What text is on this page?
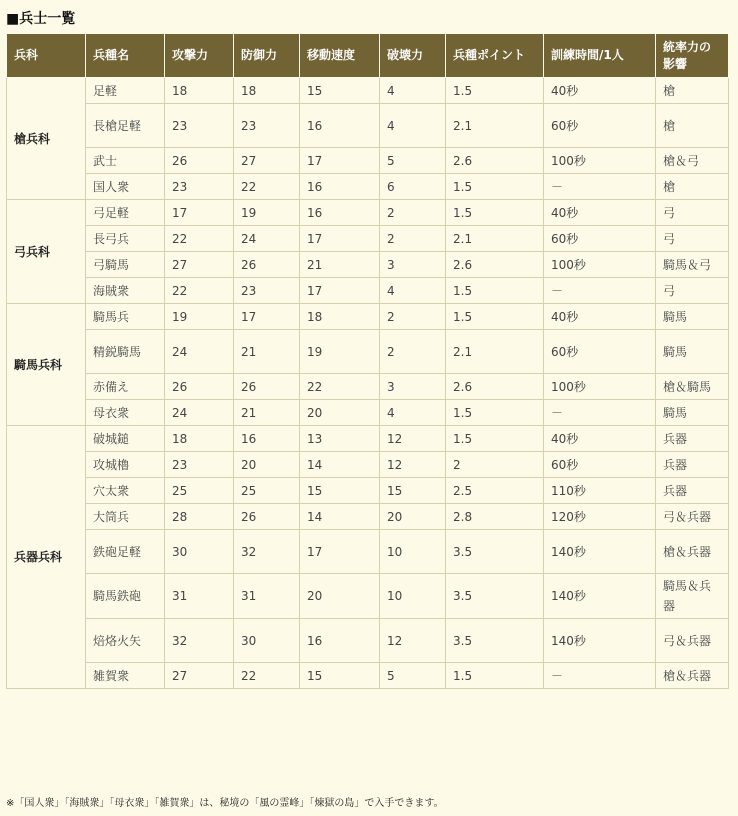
■兵士一覧
兵科	兵種名	攻撃力	防御力	移動速度	破壊力	兵種ポイント	訓練時間/1人	統率力の影響
槍兵科	足軽	18	18	15	4	1.5	40秒	槍
	長槍足軽	23	23	16	4	2.1	60秒	槍
	武士	26	27	17	5	2.6	100秒	槍＆弓
	国人衆	23	22	16	6	1.5	－	槍
弓兵科	弓足軽	17	19	16	2	1.5	40秒	弓
	長弓兵	22	24	17	2	2.1	60秒	弓
	弓騎馬	27	26	21	3	2.6	100秒	騎馬＆弓
	海賊衆	22	23	17	4	1.5	－	弓
騎馬兵科	騎馬兵	19	17	18	2	1.5	40秒	騎馬
	精鋭騎馬	24	21	19	2	2.1	60秒	騎馬
	赤備え	26	26	22	3	2.6	100秒	槍＆騎馬
	母衣衆	24	21	20	4	1.5	－	騎馬
兵器兵科	破城鎚	18	16	13	12	1.5	40秒	兵器
	攻城櫓	23	20	14	12	2	60秒	兵器
	穴太衆	25	25	15	15	2.5	110秒	兵器
	大筒兵	28	26	14	20	2.8	120秒	弓＆兵器
	鉄砲足軽	30	32	17	10	3.5	140秒	槍＆兵器
	騎馬鉄砲	31	31	20	10	3.5	140秒	騎馬＆兵器
	焙烙火矢	32	30	16	12	3.5	140秒	弓＆兵器
	雑賀衆	27	22	15	5	1.5	－	槍＆兵器
※「国人衆」「海賊衆」「母衣衆」「雑賀衆」は、秘境の「風の霊峰」「煉獄の島」で入手できます。
